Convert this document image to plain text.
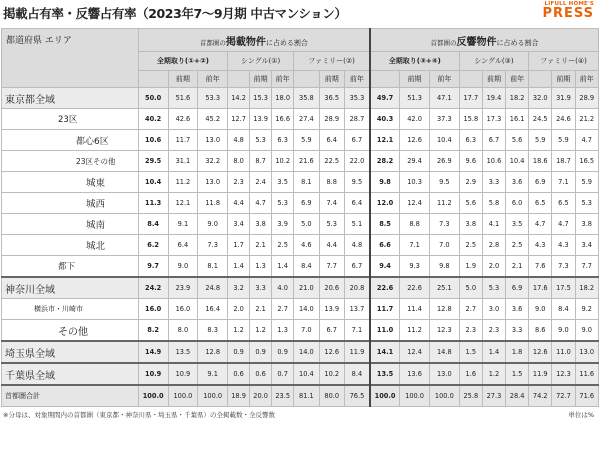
掲載占有率・反響占有率（2023年7〜9月期 中古マンション）
LIFULL HOME'S
PRESS
都道府県 エリア	首都圏の掲載物件に占める割合									首都圏の反響物件に占める割合								
	全期取り(①+②)			シングル(①)			ファミリー(②)			全期取り(③+④)			シングル(③)			ファミリー(④)		
		前期	前年		前期	前年		前期	前年		前期	前年		前期	前年		前期	前年
東京都全域	50.0	51.6	53.3	14.2	15.3	18.0	35.8	36.5	35.3	49.7	51.3	47.1	17.7	19.4	18.2	32.0	31.9	28.9
23区	40.2	42.6	45.2	12.7	13.9	16.6	27.4	28.9	28.7	40.3	42.0	37.3	15.8	17.3	16.1	24.5	24.6	21.2
都心6区	10.6	11.7	13.0	4.8	5.3	6.3	5.9	6.4	6.7	12.1	12.6	10.4	6.3	6.7	5.6	5.9	5.9	4.7
23区その他	29.5	31.1	32.2	8.0	8.7	10.2	21.6	22.5	22.0	28.2	29.4	26.9	9.6	10.6	10.4	18.6	18.7	16.5
城東	10.4	11.2	13.0	2.3	2.4	3.5	8.1	8.8	9.5	9.8	10.3	9.5	2.9	3.3	3.6	6.9	7.1	5.9
城西	11.3	12.1	11.8	4.4	4.7	5.3	6.9	7.4	6.4	12.0	12.4	11.2	5.6	5.8	6.0	6.5	6.5	5.3
城南	8.4	9.1	9.0	3.4	3.8	3.9	5.0	5.3	5.1	8.5	8.8	7.3	3.8	4.1	3.5	4.7	4.7	3.8
城北	6.2	6.4	7.3	1.7	2.1	2.5	4.6	4.4	4.8	6.6	7.1	7.0	2.5	2.8	2.5	4.3	4.3	3.4
都下	9.7	9.0	8.1	1.4	1.3	1.4	8.4	7.7	6.7	9.4	9.3	9.8	1.9	2.0	2.1	7.6	7.3	7.7
神奈川全域	24.2	23.9	24.8	3.2	3.3	4.0	21.0	20.6	20.8	22.6	22.6	25.1	5.0	5.3	6.9	17.6	17.5	18.2
横浜市・川崎市	16.0	16.0	16.4	2.0	2.1	2.7	14.0	13.9	13.7	11.7	11.4	12.8	2.7	3.0	3.6	9.0	8.4	9.2
その他	8.2	8.0	8.3	1.2	1.2	1.3	7.0	6.7	7.1	11.0	11.2	12.3	2.3	2.3	3.3	8.6	9.0	9.0
埼玉県全域	14.9	13.5	12.8	0.9	0.9	0.9	14.0	12.6	11.9	14.1	12.4	14.8	1.5	1.4	1.8	12.6	11.0	13.0
千葉県全域	10.9	10.9	9.1	0.6	0.6	0.7	10.4	10.2	8.4	13.5	13.6	13.0	1.6	1.2	1.5	11.9	12.3	11.6
首都圏合計	100.0	100.0	100.0	18.9	20.0	23.5	81.1	80.0	76.5	100.0	100.0	100.0	25.8	27.3	28.4	74.2	72.7	71.6
※分母は、対象期間内の首都圏（東京都・神奈川県・埼玉県・千葉県）の全掲載数・全反響数	単位は%
